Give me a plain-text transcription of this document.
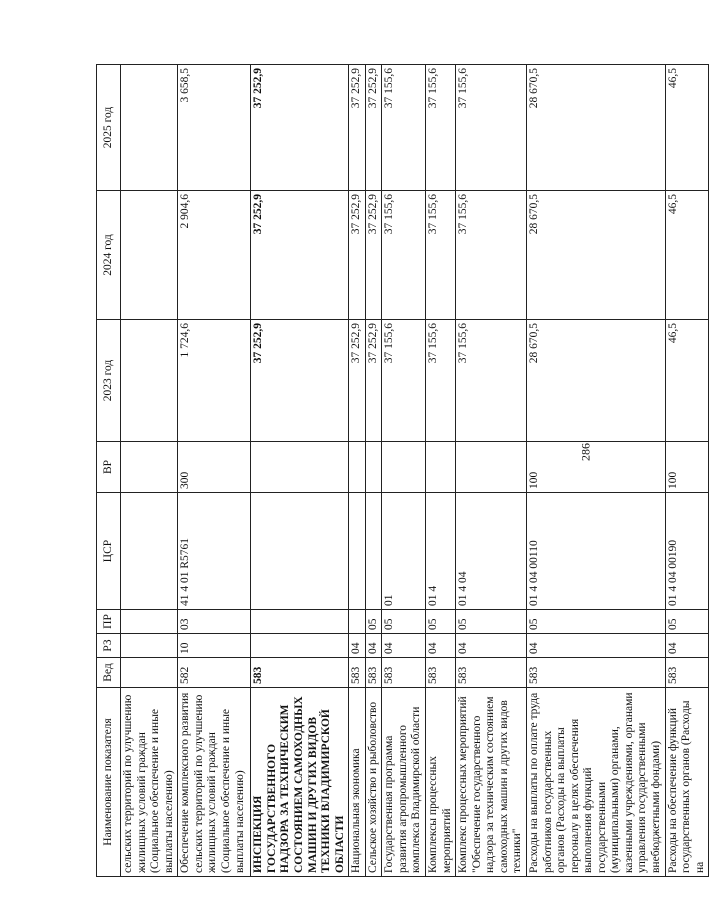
286
Наименование показателя	Вед	РЗ	ПР	ЦСР	ВР	2023 год	2024 год	2025 год
сельских территорий по улучшению жилищных условий граждан (Социальное обеспечение и иные выплаты населению)								
Обеспечение комплексного развития сельских территорий по улучшению жилищных условий граждан (Социальное обеспечение и иные выплаты населению)	582	10	03	41 4 01 R5761	300	1 724,6	2 904,6	3 658,5
ИНСПЕКЦИЯ ГОСУДАРСТВЕННОГО НАДЗОРА ЗА ТЕХНИЧЕСКИМ СОСТОЯНИЕМ САМОХОДНЫХ МАШИН И ДРУГИХ ВИДОВ ТЕХНИКИ ВЛАДИМИРСКОЙ ОБЛАСТИ	583					37 252,9	37 252,9	37 252,9
Национальная экономика	583	04				37 252,9	37 252,9	37 252,9
Сельское хозяйство и рыболовство	583	04	05			37 252,9	37 252,9	37 252,9
Государственная программа развития агропромышленного комплекса Владимирской области	583	04	05	01		37 155,6	37 155,6	37 155,6
Комплексы процессных мероприятий	583	04	05	01 4		37 155,6	37 155,6	37 155,6
Комплекс процессных мероприятий "Обеспечение государственного надзора за техническим состоянием самоходных машин и других видов техники"	583	04	05	01 4 04		37 155,6	37 155,6	37 155,6
Расходы на выплаты по оплате труда работников государственных органов (Расходы на выплаты персоналу в целях обеспечения выполнения функций государственными (муниципальными) органами, казенными учреждениями, органами управления государственными внебюджетными фондами)	583	04	05	01 4 04 00110	100	28 670,5	28 670,5	28 670,5
Расходы на обеспечение функций государственных органов (Расходы на	583	04	05	01 4 04 00190	100	46,5	46,5	46,5
